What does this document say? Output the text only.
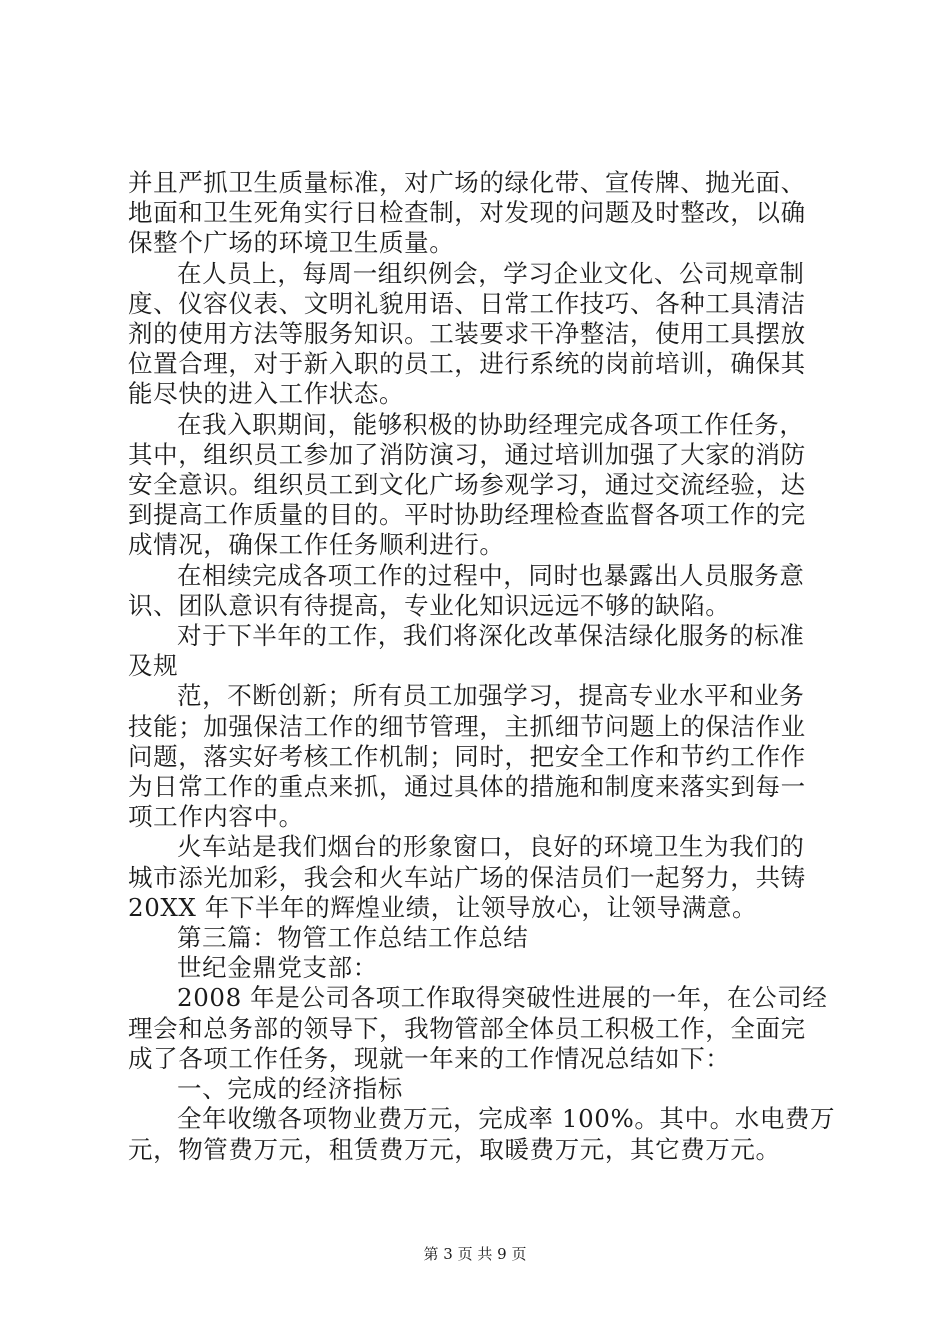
并且严抓卫生质量标准，对广场的绿化带、宣传牌、抛光面、
地面和卫生死角实行日检查制，对发现的问题及时整改，以确
保整个广场的环境卫生质量。
在人员上，每周一组织例会，学习企业文化、公司规章制
度、仪容仪表、文明礼貌用语、日常工作技巧、各种工具清洁
剂的使用方法等服务知识。工装要求干净整洁，使用工具摆放
位置合理，对于新入职的员工，进行系统的岗前培训，确保其
能尽快的进入工作状态。
在我入职期间，能够积极的协助经理完成各项工作任务，
其中，组织员工参加了消防演习，通过培训加强了大家的消防
安全意识。组织员工到文化广场参观学习，通过交流经验，达
到提高工作质量的目的。平时协助经理检查监督各项工作的完
成情况，确保工作任务顺利进行。
在相续完成各项工作的过程中，同时也暴露出人员服务意
识、团队意识有待提高，专业化知识远远不够的缺陷。
对于下半年的工作，我们将深化改革保洁绿化服务的标准
及规
范，不断创新；所有员工加强学习，提高专业水平和业务
技能；加强保洁工作的细节管理，主抓细节问题上的保洁作业
问题，落实好考核工作机制；同时，把安全工作和节约工作作
为日常工作的重点来抓，通过具体的措施和制度来落实到每一
项工作内容中。
火车站是我们烟台的形象窗口，良好的环境卫生为我们的
城市添光加彩，我会和火车站广场的保洁员们一起努力，共铸
20XX 年下半年的辉煌业绩，让领导放心，让领导满意。
第三篇：物管工作总结工作总结
世纪金鼎党支部：
2008 年是公司各项工作取得突破性进展的一年，在公司经
理会和总务部的领导下，我物管部全体员工积极工作，全面完
成了各项工作任务，现就一年来的工作情况总结如下：
一、完成的经济指标
全年收缴各项物业费万元，完成率 100%。其中。水电费万
元，物管费万元，租赁费万元，取暖费万元，其它费万元。
第 3 页 共 9 页
